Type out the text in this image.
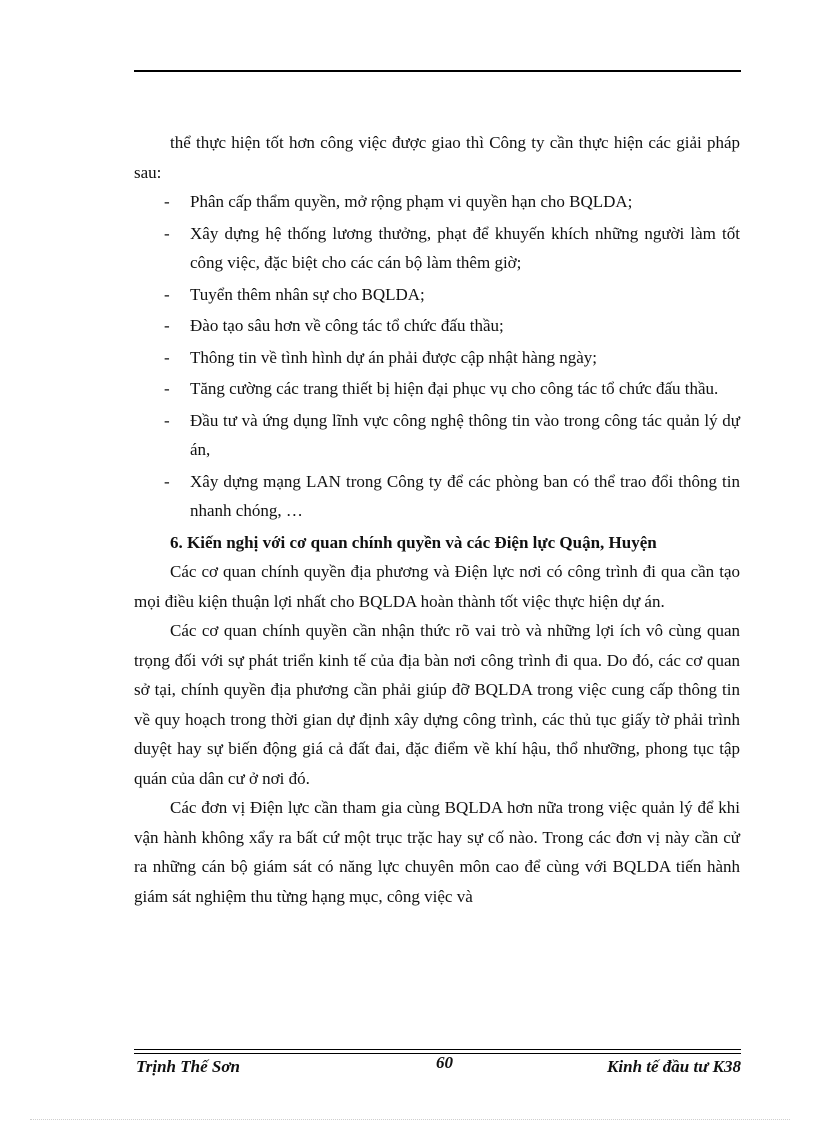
thể thực hiện tốt hơn công việc được giao thì Công ty cần thực hiện các giải pháp sau:

- Phân cấp thẩm quyền, mở rộng phạm vi quyền hạn cho BQLDA;
- Xây dựng hệ thống lương thưởng, phạt để khuyến khích những người làm tốt công việc, đặc biệt cho các cán bộ làm thêm giờ;
- Tuyển thêm nhân sự cho BQLDA;
- Đào tạo sâu hơn về công tác tổ chức đấu thầu;
- Thông tin về tình hình dự án phải được cập nhật hàng ngày;
- Tăng cường các trang thiết bị hiện đại phục vụ cho công tác tổ chức đấu thầu.
- Đầu tư và ứng dụng lĩnh vực công nghệ thông tin vào trong công tác quản lý dự án,
- Xây dựng mạng LAN trong Công ty để các phòng ban có thể trao đổi thông tin nhanh chóng, …

6. Kiến nghị với cơ quan chính quyền và các Điện lực Quận, Huyện

Các cơ quan chính quyền địa phương và Điện lực nơi có công trình đi qua cần tạo mọi điều kiện thuận lợi nhất cho BQLDA hoàn thành tốt việc thực hiện dự án.

Các cơ quan chính quyền cần nhận thức rõ vai trò và những lợi ích vô cùng quan trọng đối với sự phát triển kinh tế của địa bàn nơi công trình đi qua. Do đó, các cơ quan sở tại, chính quyền địa phương cần phải giúp đỡ BQLDA trong việc cung cấp thông tin về quy hoạch trong thời gian dự định xây dựng công trình, các thủ tục giấy tờ phải trình duyệt hay sự biến động giá cả đất đai, đặc điểm về khí hậu, thổ nhưỡng, phong tục tập quán của dân cư ở nơi đó.

Các đơn vị Điện lực cần tham gia cùng BQLDA hơn nữa trong việc quản lý để khi vận hành không xẩy ra bất cứ một trục trặc hay sự cố nào. Trong các đơn vị này cần cử ra những cán bộ giám sát có năng lực chuyên môn cao để cùng với BQLDA tiến hành giám sát nghiệm thu từng hạng mục, công việc và

Trịnh Thế Sơn	60	Kinh tế đầu tư K38
